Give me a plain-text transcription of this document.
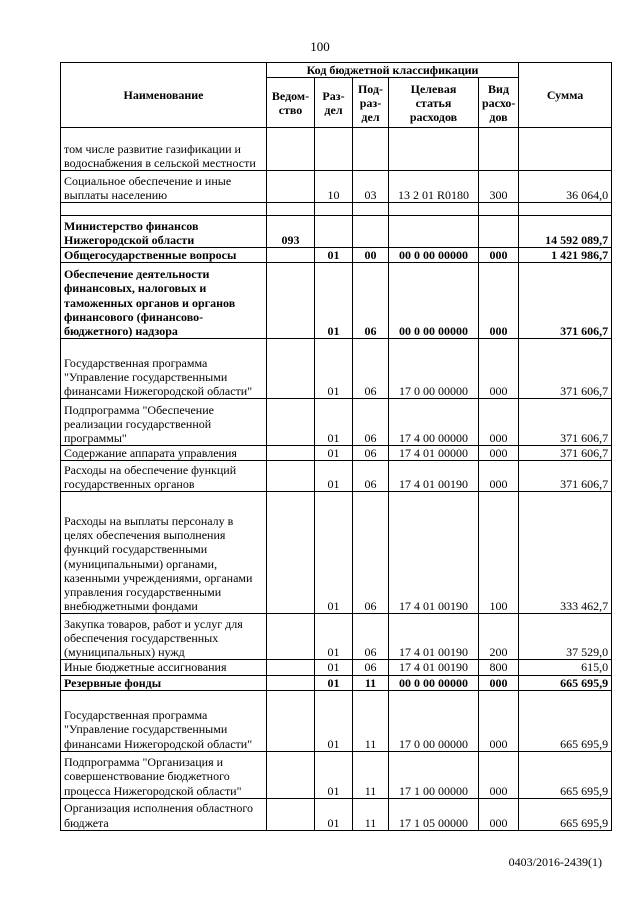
100
Наименование	Код бюджетной классификации					Сумма
	Ведом-ство	Раз-дел	Под-раз-дел	Целевая статья расходов	Вид расхо-дов	
том числе развитие газификации и водоснабжения в сельской местности						
Социальное обеспечение и иные выплаты населению		10	03	13 2 01 R0180	300	36 064,0

Министерство финансов Нижегородской области	093					14 592 089,7
Общегосударственные вопросы		01	00	00 0 00 00000	000	1 421 986,7
Обеспечение деятельности финансовых, налоговых и таможенных органов и органов финансового (финансово-бюджетного) надзора		01	06	00 0 00 00000	000	371 606,7
Государственная программа "Управление государственными финансами Нижегородской области"		01	06	17 0 00 00000	000	371 606,7
Подпрограмма "Обеспечение реализации государственной программы"		01	06	17 4 00 00000	000	371 606,7
Содержание аппарата управления		01	06	17 4 01 00000	000	371 606,7
Расходы на обеспечение функций государственных органов		01	06	17 4 01 00190	000	371 606,7
Расходы на выплаты персоналу в целях обеспечения выполнения функций государственными (муниципальными) органами, казенными учреждениями, органами управления государственными внебюджетными фондами		01	06	17 4 01 00190	100	333 462,7
Закупка товаров, работ и услуг для обеспечения государственных (муниципальных) нужд		01	06	17 4 01 00190	200	37 529,0
Иные бюджетные ассигнования		01	06	17 4 01 00190	800	615,0
Резервные фонды		01	11	00 0 00 00000	000	665 695,9
Государственная программа "Управление государственными финансами Нижегородской области"		01	11	17 0 00 00000	000	665 695,9
Подпрограмма "Организация и совершенствование бюджетного процесса Нижегородской области"		01	11	17 1 00 00000	000	665 695,9
Организация исполнения областного бюджета		01	11	17 1 05 00000	000	665 695,9
0403/2016-2439(1)
